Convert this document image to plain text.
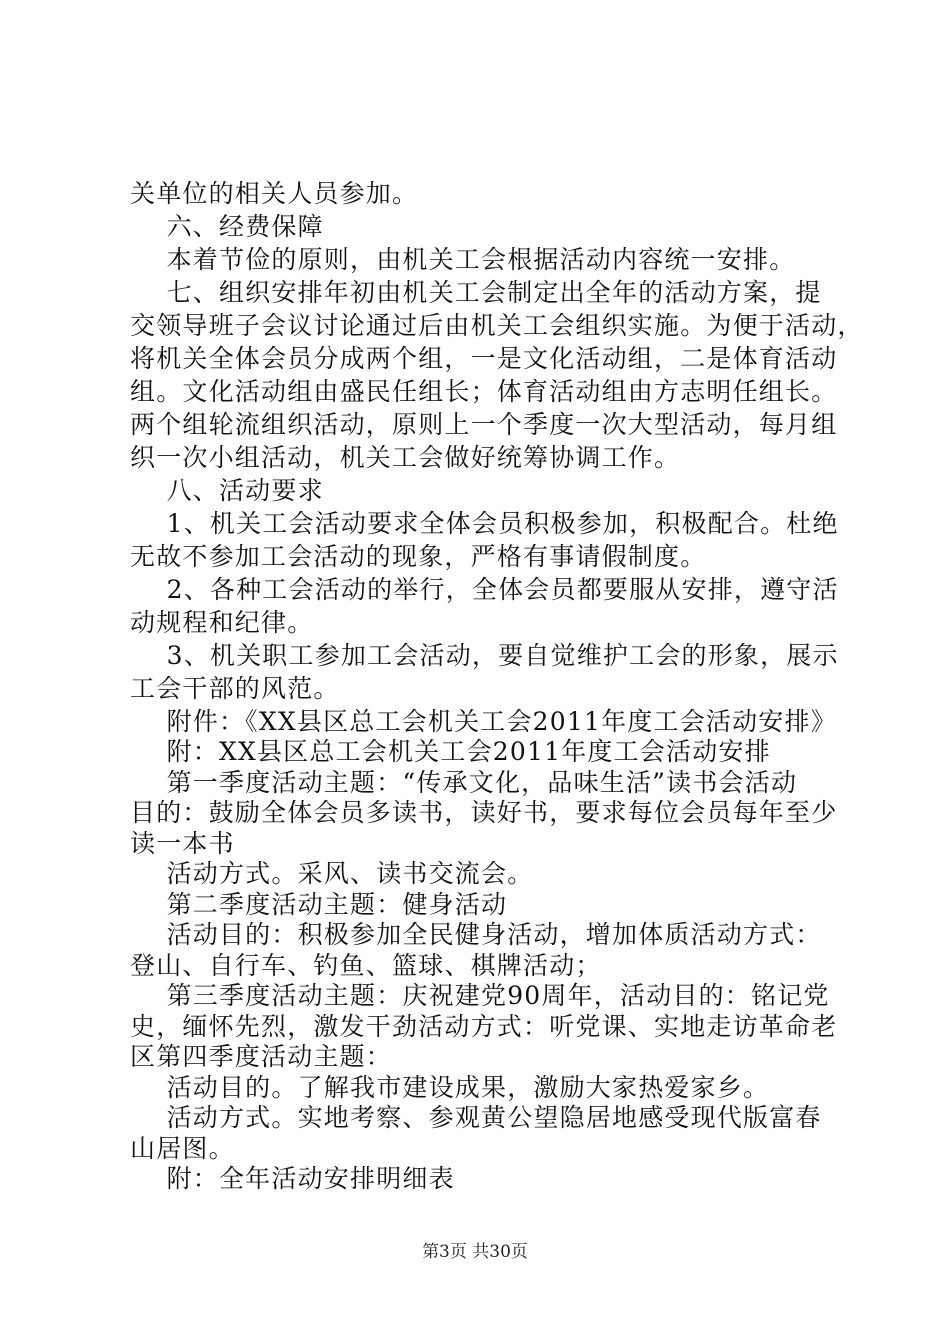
关单位的相关人员参加。
六、经费保障
本着节俭的原则，由机关工会根据活动内容统一安排。
七、组织安排年初由机关工会制定出全年的活动方案，提
交领导班子会议讨论通过后由机关工会组织实施。为便于活动，
将机关全体会员分成两个组，一是文化活动组，二是体育活动
组。文化活动组由盛民任组长；体育活动组由方志明任组长。
两个组轮流组织活动，原则上一个季度一次大型活动，每月组
织一次小组活动，机关工会做好统筹协调工作。
八、活动要求
1、机关工会活动要求全体会员积极参加，积极配合。杜绝
无故不参加工会活动的现象，严格有事请假制度。
2、各种工会活动的举行，全体会员都要服从安排，遵守活
动规程和纪律。
3、机关职工参加工会活动，要自觉维护工会的形象，展示
工会干部的风范。
附件：《XX县区总工会机关工会2011年度工会活动安排》
附：XX县区总工会机关工会2011年度工会活动安排
第一季度活动主题：“传承文化，品味生活”读书会活动
目的：鼓励全体会员多读书，读好书，要求每位会员每年至少
读一本书
活动方式。采风、读书交流会。
第二季度活动主题：健身活动
活动目的：积极参加全民健身活动，增加体质活动方式：
登山、自行车、钓鱼、篮球、棋牌活动；
第三季度活动主题：庆祝建党90周年，活动目的：铭记党
史，缅怀先烈，激发干劲活动方式：听党课、实地走访革命老
区第四季度活动主题：
活动目的。了解我市建设成果，激励大家热爱家乡。
活动方式。实地考察、参观黄公望隐居地感受现代版富春
山居图。
附：全年活动安排明细表
第3页 共30页
